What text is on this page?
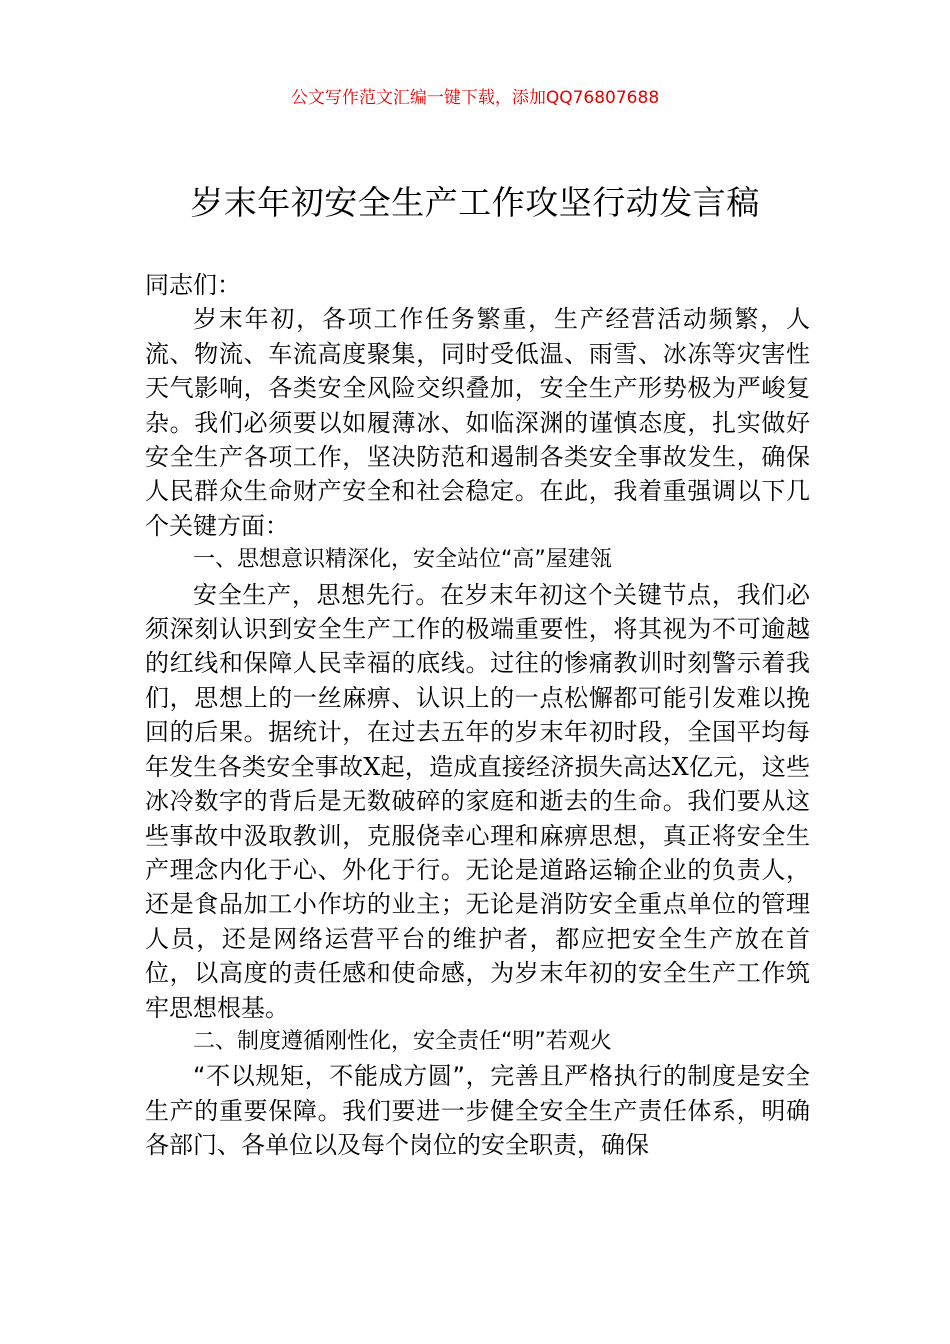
公文写作范文汇编一键下载，添加QQ76807688
岁末年初安全生产工作攻坚行动发言稿

同志们：

岁末年初，各项工作任务繁重，生产经营活动频繁，人流、物流、车流高度聚集，同时受低温、雨雪、冰冻等灾害性天气影响，各类安全风险交织叠加，安全生产形势极为严峻复杂。我们必须要以如履薄冰、如临深渊的谨慎态度，扎实做好安全生产各项工作，坚决防范和遏制各类安全事故发生，确保人民群众生命财产安全和社会稳定。在此，我着重强调以下几个关键方面：

一、思想意识精深化，安全站位“高”屋建瓴

安全生产，思想先行。在岁末年初这个关键节点，我们必须深刻认识到安全生产工作的极端重要性，将其视为不可逾越的红线和保障人民幸福的底线。过往的惨痛教训时刻警示着我们，思想上的一丝麻痹、认识上的一点松懈都可能引发难以挽回的后果。据统计，在过去五年的岁末年初时段，全国平均每年发生各类安全事故X起，造成直接经济损失高达X亿元，这些冰冷数字的背后是无数破碎的家庭和逝去的生命。我们要从这些事故中汲取教训，克服侥幸心理和麻痹思想，真正将安全生产理念内化于心、外化于行。无论是道路运输企业的负责人，还是食品加工小作坊的业主；无论是消防安全重点单位的管理人员，还是网络运营平台的维护者，都应把安全生产放在首位，以高度的责任感和使命感，为岁末年初的安全生产工作筑牢思想根基。

二、制度遵循刚性化，安全责任“明”若观火

“不以规矩，不能成方圆”，完善且严格执行的制度是安全生产的重要保障。我们要进一步健全安全生产责任体系，明确各部门、各单位以及每个岗位的安全职责，确保
